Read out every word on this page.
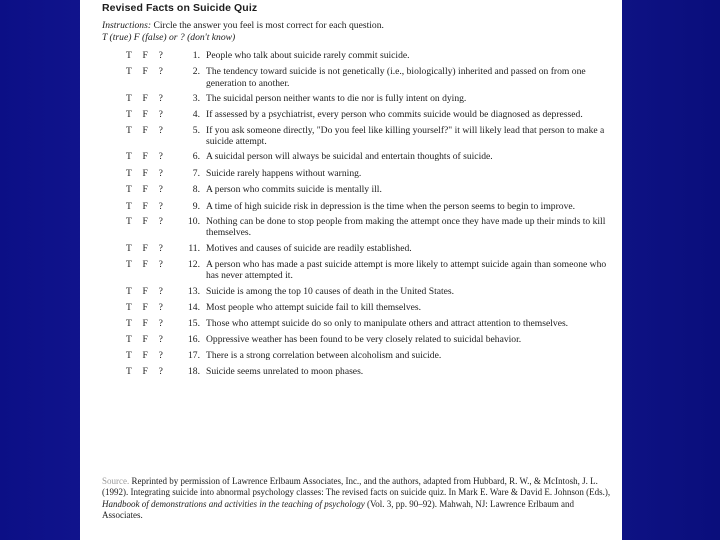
Revised Facts on Suicide Quiz
Instructions: Circle the answer you feel is most correct for each question.
T (true) F (false) or ? (don't know)
T  F  ?	1. People who talk about suicide rarely commit suicide.
T  F  ?	2. The tendency toward suicide is not genetically (i.e., biologically) inherited and passed on from one generation to another.
T  F  ?	3. The suicidal person neither wants to die nor is fully intent on dying.
T  F  ?	4. If assessed by a psychiatrist, every person who commits suicide would be diagnosed as depressed.
T  F  ?	5. If you ask someone directly, "Do you feel like killing yourself?" it will likely lead that person to make a suicide attempt.
T  F  ?	6. A suicidal person will always be suicidal and entertain thoughts of suicide.
T  F  ?	7. Suicide rarely happens without warning.
T  F  ?	8. A person who commits suicide is mentally ill.
T  F  ?	9. A time of high suicide risk in depression is the time when the person seems to begin to improve.
T  F  ?	10. Nothing can be done to stop people from making the attempt once they have made up their minds to kill themselves.
T  F  ?	11. Motives and causes of suicide are readily established.
T  F  ?	12. A person who has made a past suicide attempt is more likely to attempt suicide again than someone who has never attempted it.
T  F  ?	13. Suicide is among the top 10 causes of death in the United States.
T  F  ?	14. Most people who attempt suicide fail to kill themselves.
T  F  ?	15. Those who attempt suicide do so only to manipulate others and attract attention to themselves.
T  F  ?	16. Oppressive weather has been found to be very closely related to suicidal behavior.
T  F  ?	17. There is a strong correlation between alcoholism and suicide.
T  F  ?	18. Suicide seems unrelated to moon phases.
Source. Reprinted by permission of Lawrence Erlbaum Associates, Inc., and the authors, adapted from Hubbard, R. W., & McIntosh, J. L. (1992). Integrating suicide into abnormal psychology classes: The revised facts on suicide quiz. In Mark E. Ware & David E. Johnson (Eds.), Handbook of demonstrations and activities in the teaching of psychology (Vol. 3, pp. 90–92). Mahwah, NJ: Lawrence Erlbaum and Associates.
